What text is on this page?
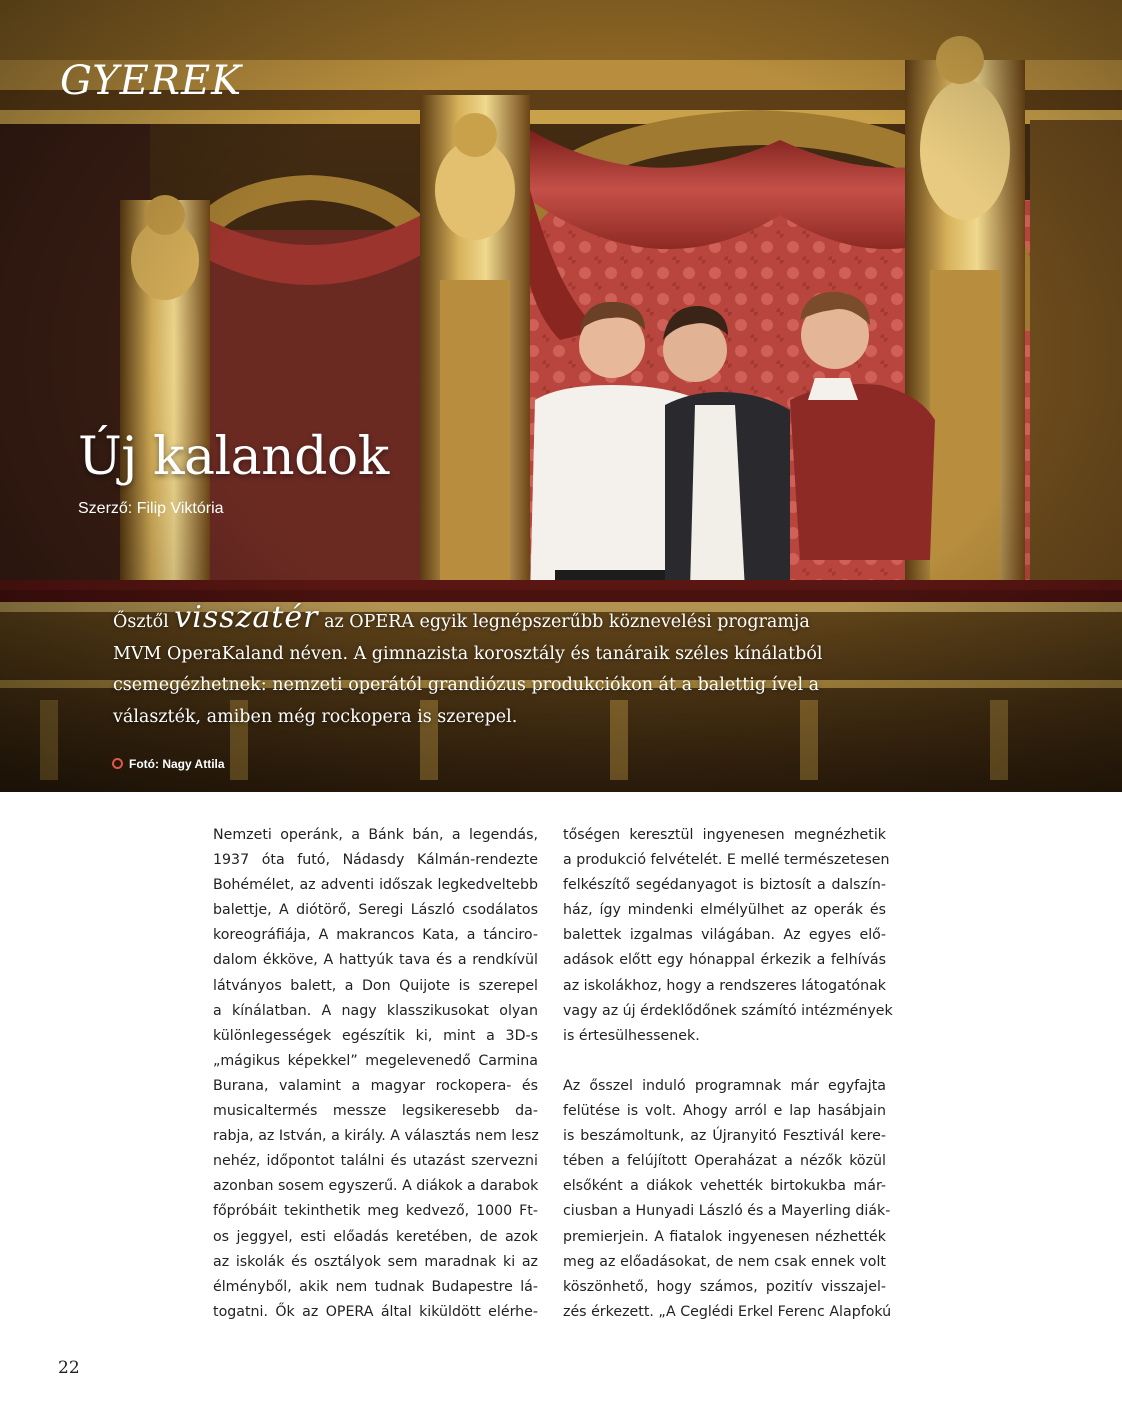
GYEREK
Új kalandok
Szerző: Filip Viktória
Ősztől visszatér az OPERA egyik legnépszerűbb köznevelési programja
MVM OperaKaland néven. A gimnazista korosztály és tanáraik széles kínálatból
csemegézhetnek: nemzeti operától grandiózus produkciókon át a balettig ível a
választék, amiben még rockopera is szerepel.
Fotó: Nagy Attila
Nemzeti operánk, a Bánk bán, a legendás,
1937 óta futó, Nádasdy Kálmán-rendezte
Bohémélet, az adventi időszak legkedveltebb
balettje, A diótörő, Seregi László csodálatos
koreográfiája, A makrancos Kata, a tánciro-
dalom ékköve, A hattyúk tava és a rendkívül
látványos balett, a Don Quijote is szerepel
a kínálatban. A nagy klasszikusokat olyan
különlegességek egészítik ki, mint a 3D-s
„mágikus képekkel” megelevenedő Carmina
Burana, valamint a magyar rockopera- és
musicaltermés messze legsikeresebb da-
rabja, az István, a király. A választás nem lesz
nehéz, időpontot találni és utazást szervezni
azonban sosem egyszerű. A diákok a darabok
főpróbáit tekinthetik meg kedvező, 1000 Ft-
os jeggyel, esti előadás keretében, de azok
az iskolák és osztályok sem maradnak ki az
élményből, akik nem tudnak Budapestre lá-
togatni. Ők az OPERA által kiküldött elérhe-
tőségen keresztül ingyenesen megnézhetik
a produkció felvételét. E mellé természetesen
felkészítő segédanyagot is biztosít a dalszín-
ház, így mindenki elmélyülhet az operák és
balettek izgalmas világában. Az egyes elő-
adások előtt egy hónappal érkezik a felhívás
az iskolákhoz, hogy a rendszeres látogatónak
vagy az új érdeklődőnek számító intézmények
is értesülhessenek.
Az ősszel induló programnak már egyfajta
felütése is volt. Ahogy arról e lap hasábjain
is beszámoltunk, az Újranyitó Fesztivál kere-
tében a felújított Operaházat a nézők közül
elsőként a diákok vehették birtokukba már-
ciusban a Hunyadi László és a Mayerling diák-
premierjein. A fiatalok ingyenesen nézhették
meg az előadásokat, de nem csak ennek volt
köszönhető, hogy számos, pozitív visszajel-
zés érkezett. „A Ceglédi Erkel Ferenc Alapfokú
22
